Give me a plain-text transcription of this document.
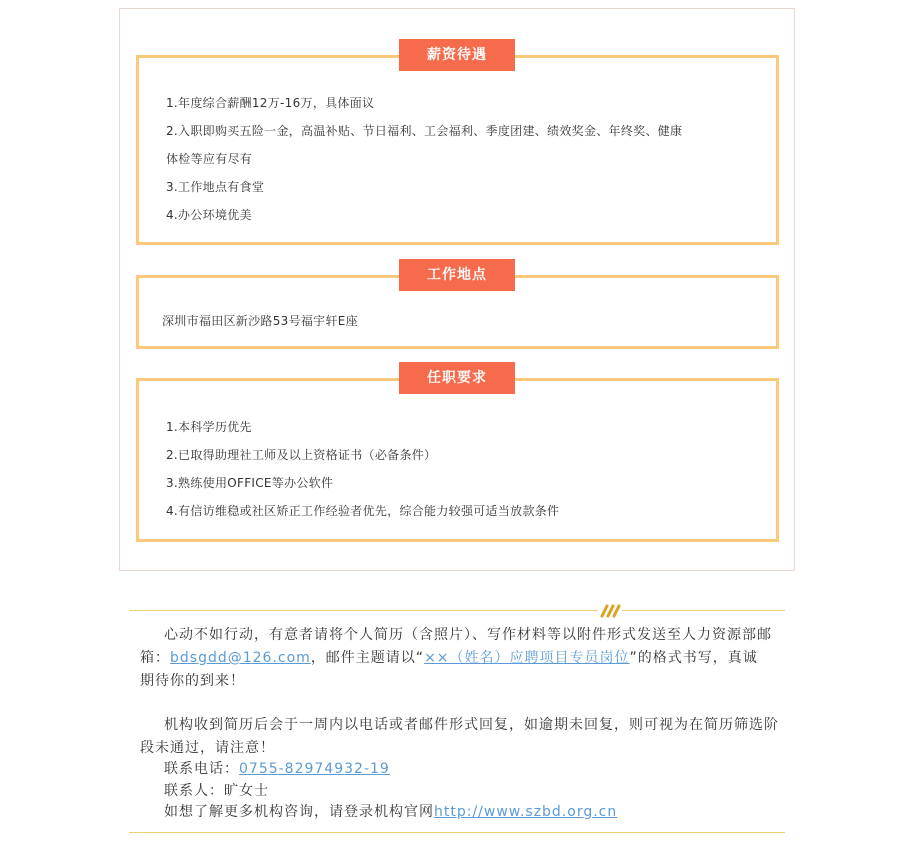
薪资待遇
1.年度综合薪酬12万-16万，具体面议
2.入职即购买五险一金，高温补贴、节日福利、工会福利、季度团建、绩效奖金、年终奖、健康
体检等应有尽有
3.工作地点有食堂
4.办公环境优美
工作地点
深圳市福田区新沙路53号福宇轩E座
任职要求
1.本科学历优先
2.已取得助理社工师及以上资格证书（必备条件）
3.熟练使用OFFICE等办公软件
4.有信访维稳或社区矫正工作经验者优先，综合能力较强可适当放款条件
心动不如行动，有意者请将个人简历（含照片）、写作材料等以附件形式发送至人力资源部邮
箱：bdsgdd@126.com，邮件主题请以“××（姓名）应聘项目专员岗位”的格式书写，真诚
期待你的到来！
机构收到简历后会于一周内以电话或者邮件形式回复，如逾期未回复，则可视为在简历筛选阶
段未通过，请注意！
联系电话：0755-82974932-19
联系人：旷女士
如想了解更多机构咨询，请登录机构官网http://www.szbd.org.cn
